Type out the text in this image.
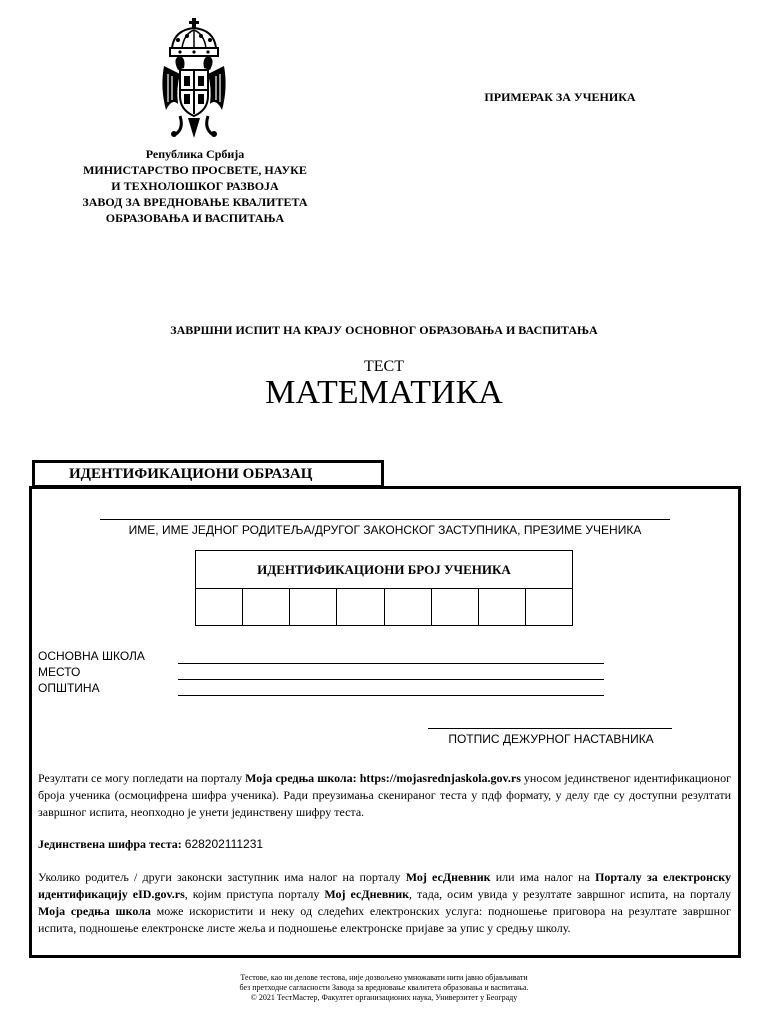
ПРИМЕРАК ЗА УЧЕНИКА
Република Србија
МИНИСТАРСТВО ПРОСВЕТЕ, НАУКЕ
И ТЕХНОЛОШКОГ РАЗВОЈА
ЗАВОД ЗА ВРЕДНОВАЊЕ КВАЛИТЕТА
ОБРАЗОВАЊА И ВАСПИТАЊА
ЗАВРШНИ ИСПИТ НА КРАЈУ ОСНОВНОГ ОБРАЗОВАЊА И ВАСПИТАЊА
ТЕСТ
МАТЕМАТИКА
ИДЕНТИФИКАЦИОНИ ОБРАЗАЦ
ИМЕ, ИМЕ ЈЕДНОГ РОДИТЕЉА/ДРУГОГ ЗАКОНСКОГ ЗАСТУПНИКА, ПРЕЗИМЕ УЧЕНИКА
ИДЕНТИФИКАЦИОНИ БРОЈ УЧЕНИКА
ОСНОВНА ШКОЛА
МЕСТО
ОПШТИНА
ПОТПИС ДЕЖУРНОГ НАСТАВНИКА
Резултати се могу погледати на порталу Моја средња школа: https://mojasrednjaskola.gov.rs уносом јединственог идентификационог броја ученика (осмоцифрена шифра ученика). Ради преузимања скенираног теста у пдф формату, у делу где су доступни резултати завршног испита, неопходно је унети јединствену шифру теста.
Јединствена шифра теста: 628202111231
Уколико родитељ / други законски заступник има налог на порталу Мој есДневник или има налог на Порталу за електронску идентификацију eID.gov.rs, којим приступа порталу Мој есДневник, тада, осим увида у резултате завршног испита, на порталу Моја средња школа може искористити и неку од следећих електронских услуга: подношење приговора на резултате завршног испита, подношење електронске листе жеља и подношење електронске пријаве за упис у средњу школу.
Тестове, као ни делове тестова, није дозвољено умножавати нити јавно објављивати
без претходне сагласности Завода за вредновање квалитета образовања и васпитања.
© 2021 ТестМастер, Факултет организационих наука, Универзитет у Београду
